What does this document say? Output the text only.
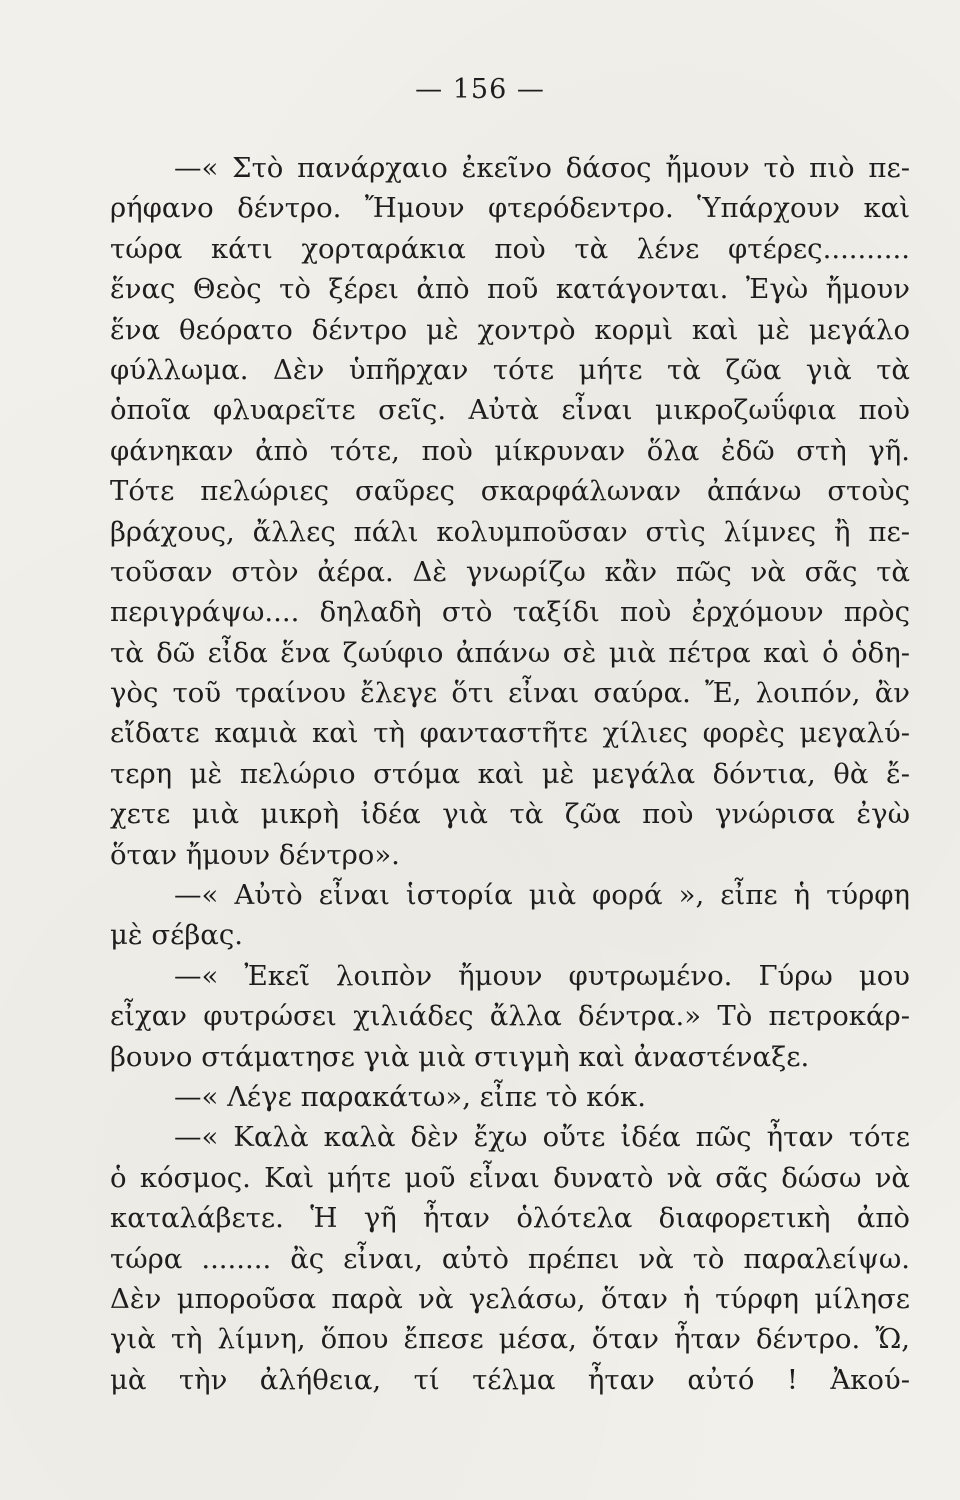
— 156 —
—« Στὸ πανάρχαιο ἐκεῖνο δάσος ἤμουν τὸ πιὸ πε-
ρήφανο δέντρο. Ἤμουν φτερόδεντρο. Ὑπάρχουν καὶ
τώρα κάτι χορταράκια ποὺ τὰ λένε φτέρες..........
ἕνας Θεὸς τὸ ξέρει ἀπὸ ποῦ κατάγονται. Ἐγὼ ἤμουν
ἕνα θεόρατο δέντρο μὲ χοντρὸ κορμὶ καὶ μὲ μεγάλο
φύλλωμα. Δὲν ὑπῆρχαν τότε μήτε τὰ ζῶα γιὰ τὰ
ὁποῖα φλυαρεῖτε σεῖς. Αὐτὰ εἶναι μικροζωΰφια ποὺ
φάνηκαν ἀπὸ τότε, ποὺ μίκρυναν ὅλα ἐδῶ στὴ γῆ.
Τότε πελώριες σαῦρες σκαρφάλωναν ἀπάνω στοὺς
βράχους, ἄλλες πάλι κολυμποῦσαν στὶς λίμνες ἢ πε-
τοῦσαν στὸν ἀέρα. Δὲ γνωρίζω κἂν πῶς νὰ σᾶς τὰ
περιγράψω.... δηλαδὴ στὸ ταξίδι ποὺ ἐρχόμουν πρὸς
τὰ δῶ εἶδα ἕνα ζωύφιο ἀπάνω σὲ μιὰ πέτρα καὶ ὁ ὁδη-
γὸς τοῦ τραίνου ἔλεγε ὅτι εἶναι σαύρα. Ἔ, λοιπόν, ἂν
εἴδατε καμιὰ καὶ τὴ φανταστῆτε χίλιες φορὲς μεγαλύ-
τερη μὲ πελώριο στόμα καὶ μὲ μεγάλα δόντια, θὰ ἔ-
χετε μιὰ μικρὴ ἰδέα γιὰ τὰ ζῶα ποὺ γνώρισα ἐγὼ
ὅταν ἤμουν δέντρο».
—« Αὐτὸ εἶναι ἱστορία μιὰ φορά », εἶπε ἡ τύρφη
μὲ σέβας.
—« Ἐκεῖ λοιπὸν ἤμουν φυτρωμένο. Γύρω μου
εἶχαν φυτρώσει χιλιάδες ἄλλα δέντρα.» Τὸ πετροκάρ-
βουνο στάματησε γιὰ μιὰ στιγμὴ καὶ ἀναστέναξε.
—« Λέγε παρακάτω», εἶπε τὸ κόκ.
—« Καλὰ καλὰ δὲν ἔχω οὔτε ἰδέα πῶς ἦταν τότε
ὁ κόσμος. Καὶ μήτε μοῦ εἶναι δυνατὸ νὰ σᾶς δώσω νὰ
καταλάβετε. Ἡ γῆ ἦταν ὁλότελα διαφορετικὴ ἀπὸ
τώρα ........ ἂς εἶναι, αὐτὸ πρέπει νὰ τὸ παραλείψω.
Δὲν μποροῦσα παρὰ νὰ γελάσω, ὅταν ἡ τύρφη μίλησε
γιὰ τὴ λίμνη, ὅπου ἔπεσε μέσα, ὅταν ἦταν δέντρο. Ὤ,
μὰ τὴν ἀλήθεια, τί τέλμα ἦταν αὐτό ! Ἀκού-
